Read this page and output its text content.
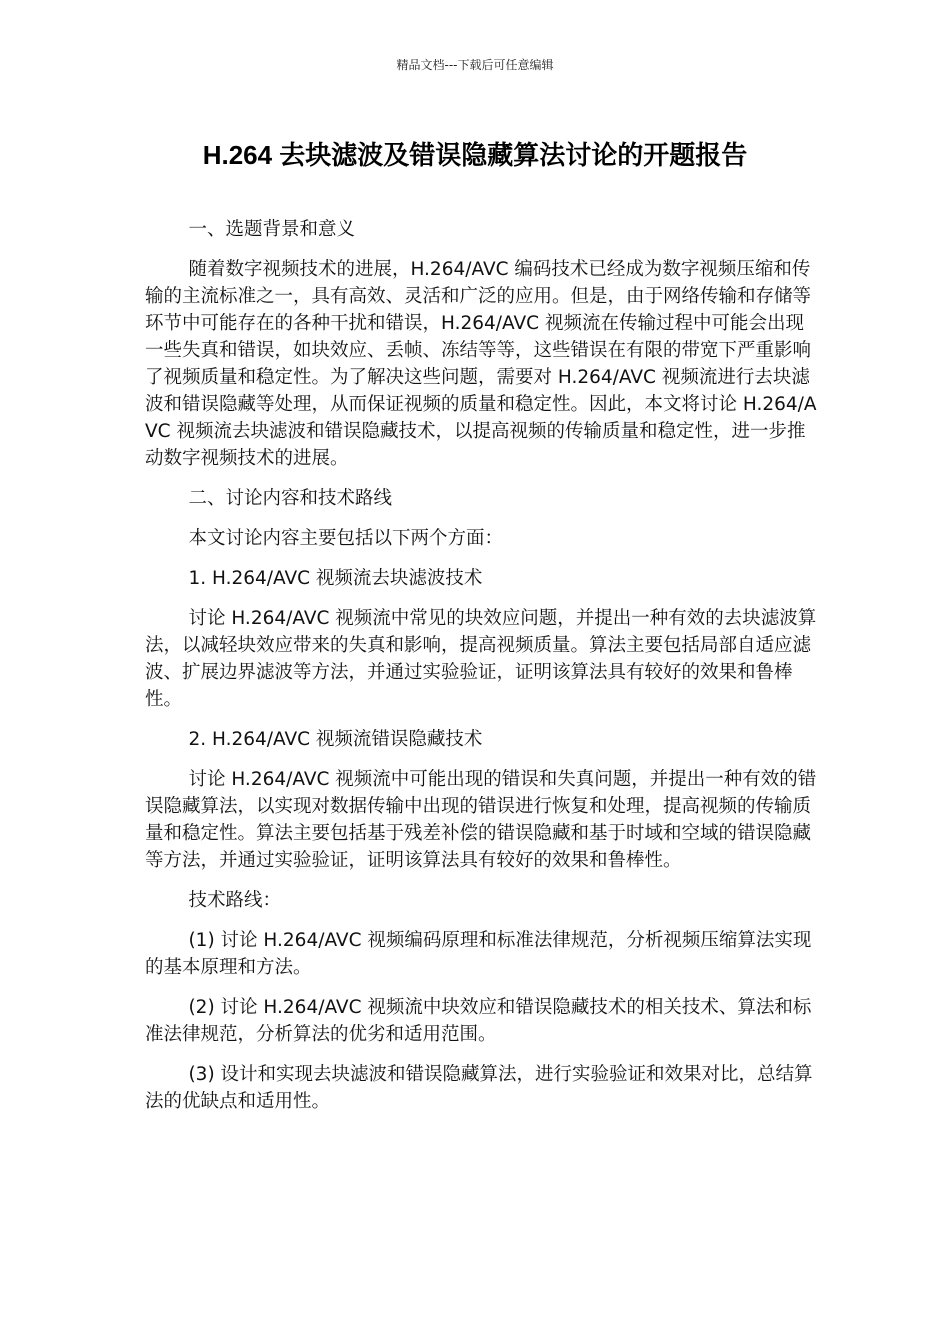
精品文档---下载后可任意编辑
H.264 去块滤波及错误隐藏算法讨论的开题报告

一、选题背景和意义

随着数字视频技术的进展，H.264/AVC 编码技术已经成为数字视频压缩和传输的主流标准之一，具有高效、灵活和广泛的应用。但是，由于网络传输和存储等环节中可能存在的各种干扰和错误，H.264/AVC 视频流在传输过程中可能会出现一些失真和错误，如块效应、丢帧、冻结等等，这些错误在有限的带宽下严重影响了视频质量和稳定性。为了解决这些问题，需要对 H.264/AVC 视频流进行去块滤波和错误隐藏等处理，从而保证视频的质量和稳定性。因此，本文将讨论 H.264/AVC 视频流去块滤波和错误隐藏技术，以提高视频的传输质量和稳定性，进一步推动数字视频技术的进展。

二、讨论内容和技术路线

本文讨论内容主要包括以下两个方面：

1. H.264/AVC 视频流去块滤波技术

讨论 H.264/AVC 视频流中常见的块效应问题，并提出一种有效的去块滤波算法，以减轻块效应带来的失真和影响，提高视频质量。算法主要包括局部自适应滤波、扩展边界滤波等方法，并通过实验验证，证明该算法具有较好的效果和鲁棒性。

2. H.264/AVC 视频流错误隐藏技术

讨论 H.264/AVC 视频流中可能出现的错误和失真问题，并提出一种有效的错误隐藏算法，以实现对数据传输中出现的错误进行恢复和处理，提高视频的传输质量和稳定性。算法主要包括基于残差补偿的错误隐藏和基于时域和空域的错误隐藏等方法，并通过实验验证，证明该算法具有较好的效果和鲁棒性。

技术路线：

(1) 讨论 H.264/AVC 视频编码原理和标准法律规范，分析视频压缩算法实现的基本原理和方法。

(2) 讨论 H.264/AVC 视频流中块效应和错误隐藏技术的相关技术、算法和标准法律规范，分析算法的优劣和适用范围。

(3) 设计和实现去块滤波和错误隐藏算法，进行实验验证和效果对比，总结算法的优缺点和适用性。
